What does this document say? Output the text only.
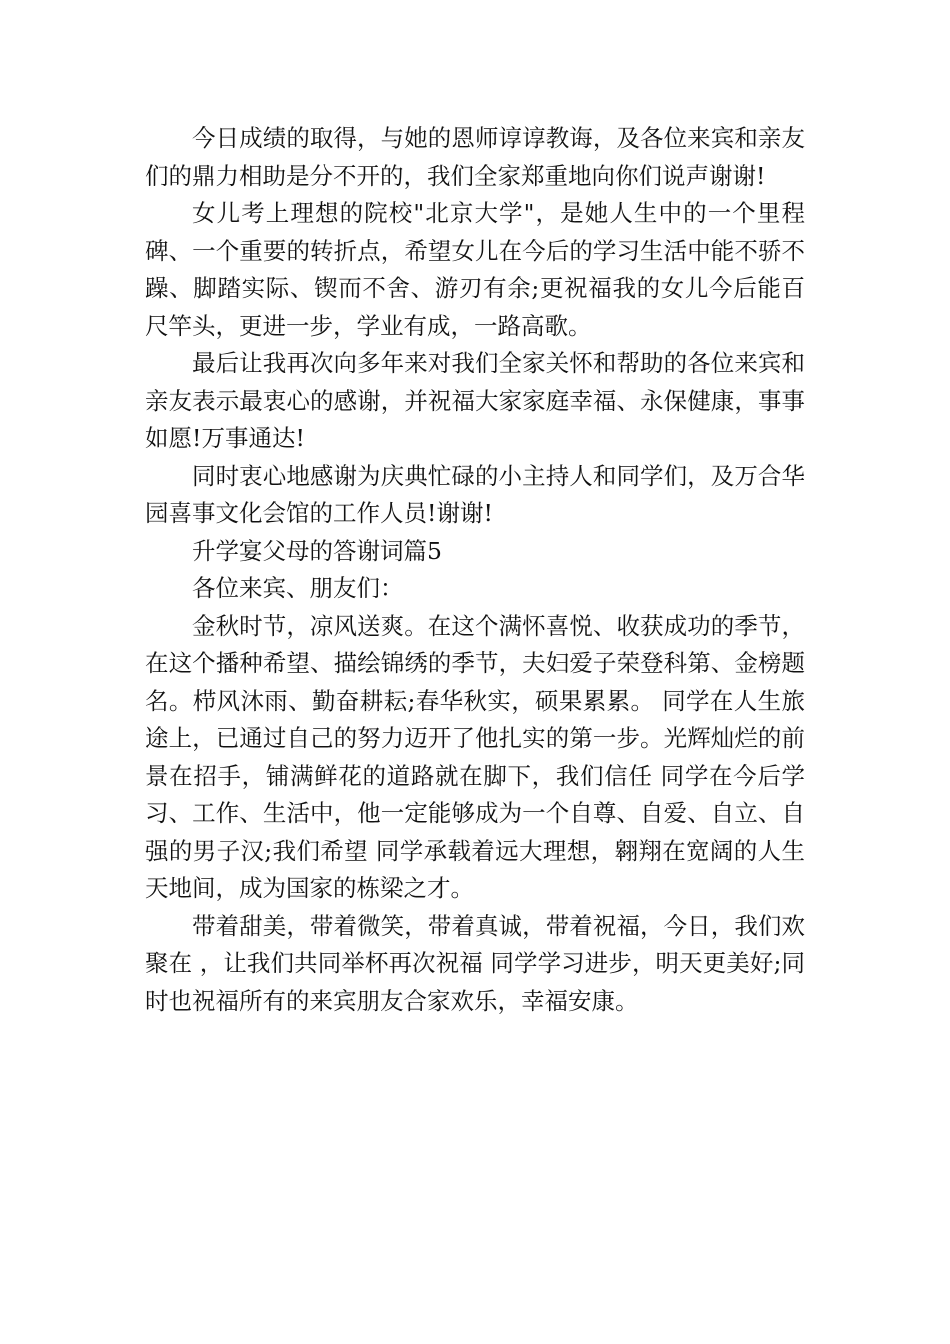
今日成绩的取得，与她的恩师谆谆教诲，及各位来宾和亲友们的鼎力相助是分不开的，我们全家郑重地向你们说声谢谢!

女儿考上理想的院校"北京大学"，是她人生中的一个里程碑、一个重要的转折点，希望女儿在今后的学习生活中能不骄不躁、脚踏实际、锲而不舍、游刃有余;更祝福我的女儿今后能百尺竿头，更进一步，学业有成，一路高歌。

最后让我再次向多年来对我们全家关怀和帮助的各位来宾和亲友表示最衷心的感谢，并祝福大家家庭幸福、永保健康，事事如愿!万事通达!

同时衷心地感谢为庆典忙碌的小主持人和同学们，及万合华园喜事文化会馆的工作人员!谢谢!

升学宴父母的答谢词篇5

各位来宾、朋友们：

金秋时节，凉风送爽。在这个满怀喜悦、收获成功的季节，在这个播种希望、描绘锦绣的季节，夫妇爱子荣登科第、金榜题名。栉风沐雨、勤奋耕耘;春华秋实，硕果累累。 同学在人生旅途上，已通过自己的努力迈开了他扎实的第一步。光辉灿烂的前景在招手，铺满鲜花的道路就在脚下，我们信任 同学在今后学习、工作、生活中，他一定能够成为一个自尊、自爱、自立、自强的男子汉;我们希望 同学承载着远大理想，翱翔在宽阔的人生天地间，成为国家的栋梁之才。

带着甜美，带着微笑，带着真诚，带着祝福，今日，我们欢聚在 ，让我们共同举杯再次祝福 同学学习进步，明天更美好;同时也祝福所有的来宾朋友合家欢乐，幸福安康。
